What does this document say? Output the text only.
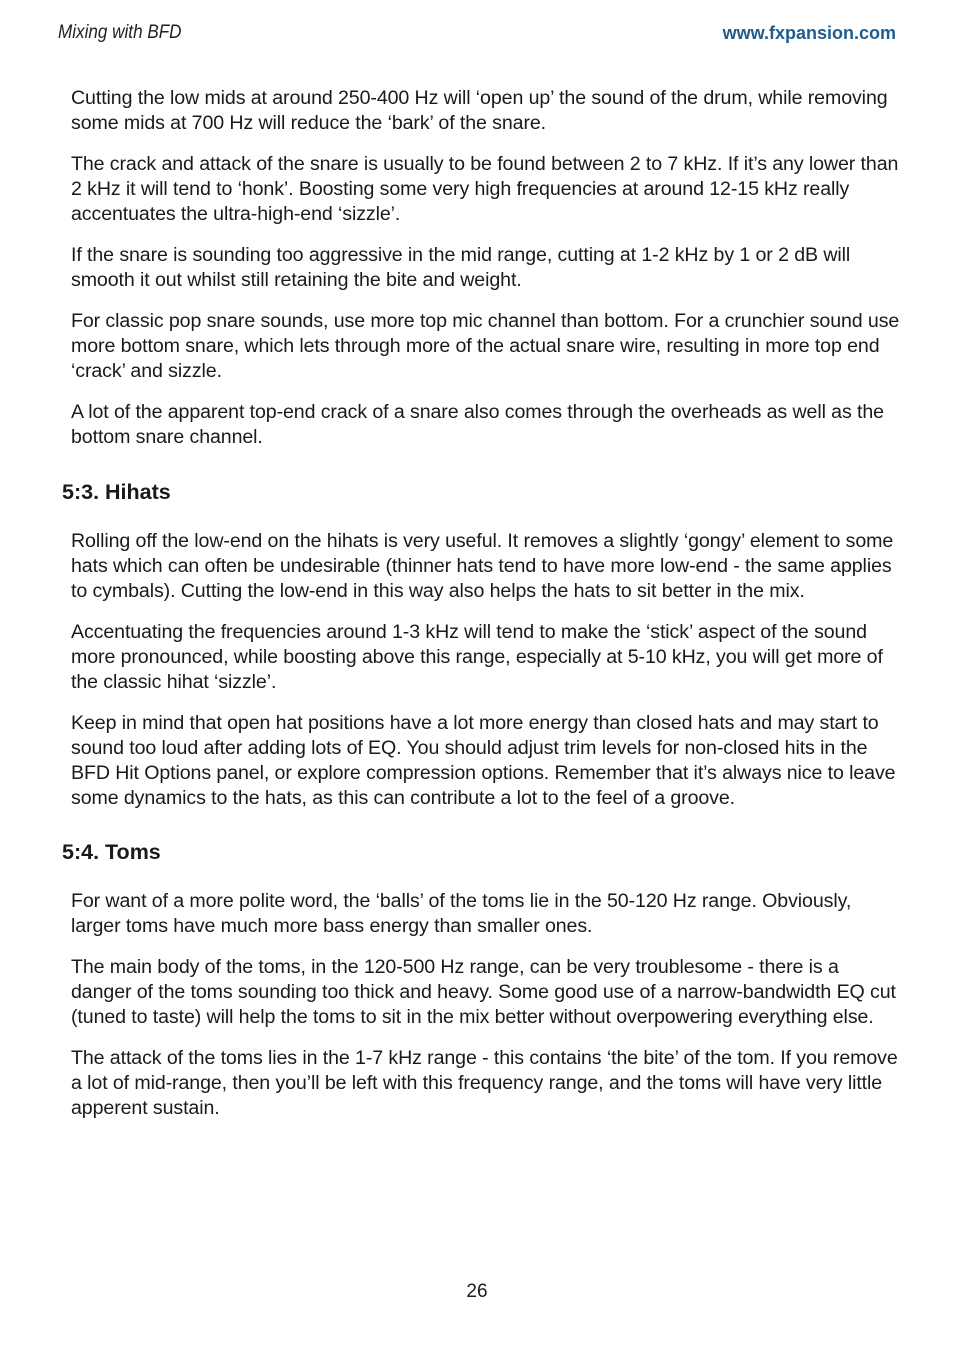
Mixing with BFD	www.fxpansion.com

Cutting the low mids at around 250-400 Hz will ‘open up’ the sound of the drum, while removing some mids at 700 Hz will reduce the ‘bark’ of the snare.

The crack and attack of the snare is usually to be found between 2 to 7 kHz. If it’s any lower than 2 kHz it will tend to ‘honk’. Boosting some very high frequencies at around 12-15 kHz really accentuates the ultra-high-end ‘sizzle’.

If the snare is sounding too aggressive in the mid range, cutting at 1-2 kHz by 1 or 2 dB will smooth it out whilst still retaining the bite and weight.

For classic pop snare sounds, use more top mic channel than bottom. For a crunchier sound use more bottom snare, which lets through more of the actual snare wire, resulting in more top end ‘crack’ and sizzle.

A lot of the apparent top-end crack of a snare also comes through the overheads as well as the bottom snare channel.

5:3. Hihats

Rolling off the low-end on the hihats is very useful. It removes a slightly ‘gongy’ element to some hats which can often be undesirable (thinner hats tend to have more low-end - the same applies to cymbals). Cutting the low-end in this way also helps the hats to sit better in the mix.

Accentuating the frequencies around 1-3 kHz will tend to make the ‘stick’ aspect of the sound more pronounced, while boosting above this range, especially at 5-10 kHz, you will get more of the classic hihat ‘sizzle’.

Keep in mind that open hat positions have a lot more energy than closed hats and may start to sound too loud after adding lots of EQ. You should adjust trim levels for non-closed hits in the BFD Hit Options panel, or explore compression options. Remember that it’s always nice to leave some dynamics to the hats, as this can contribute a lot to the feel of a groove.

5:4. Toms

For want of a more polite word, the ‘balls’ of the toms lie in the 50-120 Hz range. Obviously, larger toms have much more bass energy than smaller ones.

The main body of the toms, in the 120-500 Hz range, can be very troublesome - there is a danger of the toms sounding too thick and heavy. Some good use of a narrow-bandwidth EQ cut (tuned to taste) will help the toms to sit in the mix better without overpowering everything else.

The attack of the toms lies in the 1-7 kHz range - this contains ‘the bite’ of the tom. If you remove a lot of mid-range, then you’ll be left with this frequency range, and the toms will have very little apperent sustain.

26
